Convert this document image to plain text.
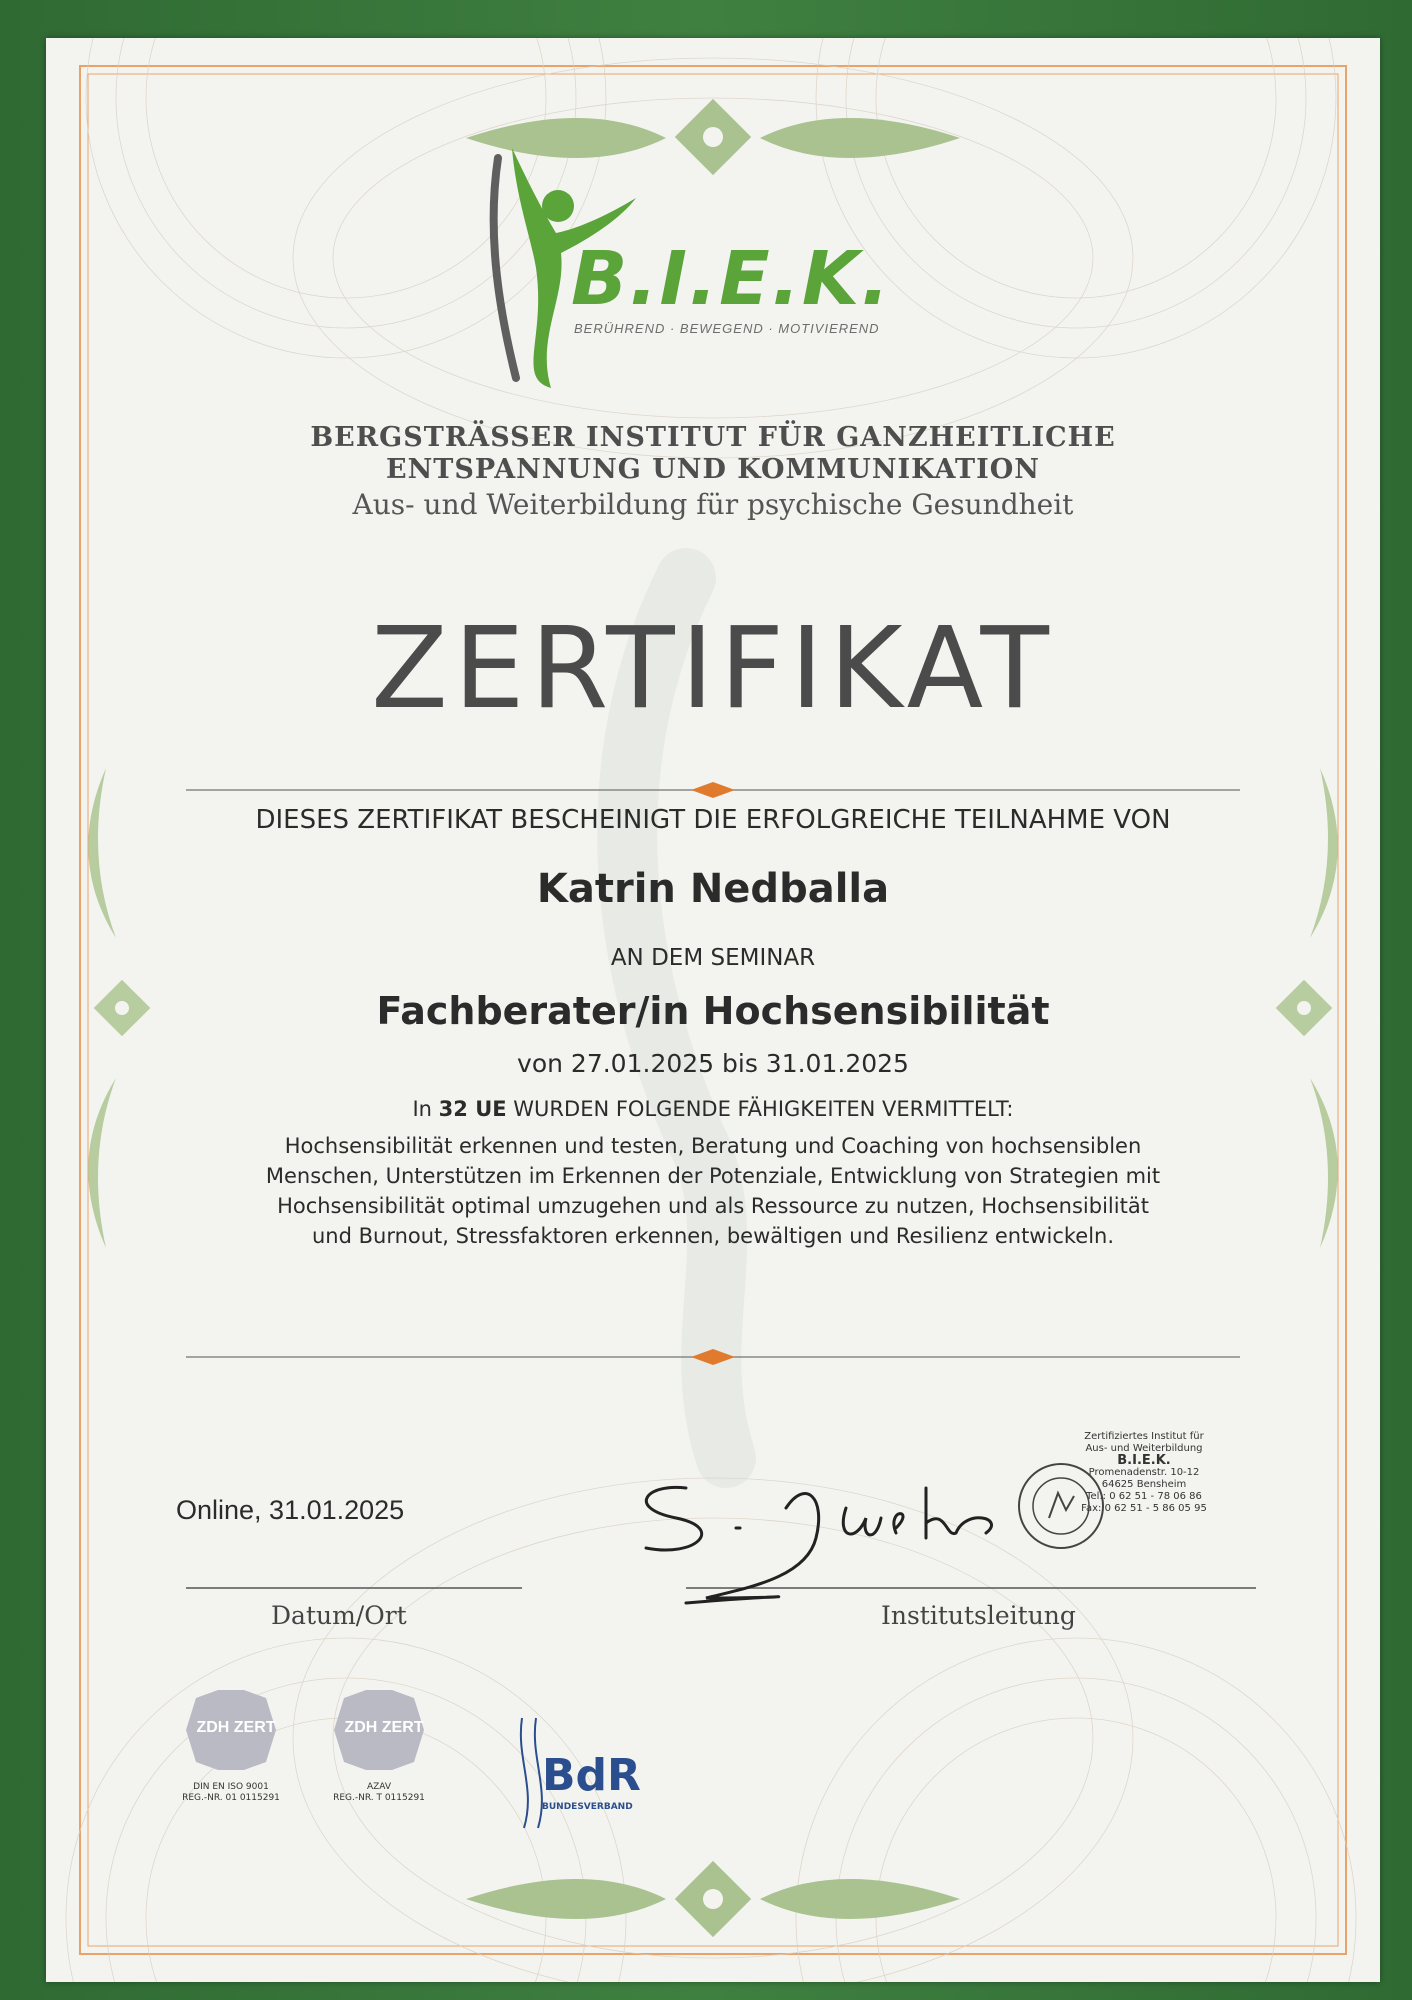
B.I.E.K.
BERÜHREND · BEWEGEND · MOTIVIEREND
BERGSTRÄSSER INSTITUT FÜR GANZHEITLICHE
ENTSPANNUNG UND KOMMUNIKATION
Aus- und Weiterbildung für psychische Gesundheit
ZERTIFIKAT
DIESES ZERTIFIKAT BESCHEINIGT DIE ERFOLGREICHE TEILNAHME VON
Katrin Nedballa
AN DEM SEMINAR
Fachberater/in Hochsensibilität
von 27.01.2025 bis 31.01.2025
In 32 UE WURDEN FOLGENDE FÄHIGKEITEN VERMITTELT:
Hochsensibilität erkennen und testen, Beratung und Coaching von hochsensiblen
Menschen, Unterstützen im Erkennen der Potenziale, Entwicklung von Strategien mit
Hochsensibilität optimal umzugehen und als Ressource zu nutzen, Hochsensibilität
und Burnout, Stressfaktoren erkennen, bewältigen und Resilienz entwickeln.
Online, 31.01.2025
Datum/Ort	Institutsleitung
Zertifiziertes Institut für
Aus- und Weiterbildung
B.I.E.K.
Promenadenstr. 10-12
64625 Bensheim
Tel.: 0 62 51 - 78 06 86
Fax: 0 62 51 - 5 86 05 95
ZDH ZERT
DIN EN ISO 9001
REG.-NR. 01 0115291
ZDH ZERT
AZAV
REG.-NR. T 0115291	BdR
BUNDESVERBAND
